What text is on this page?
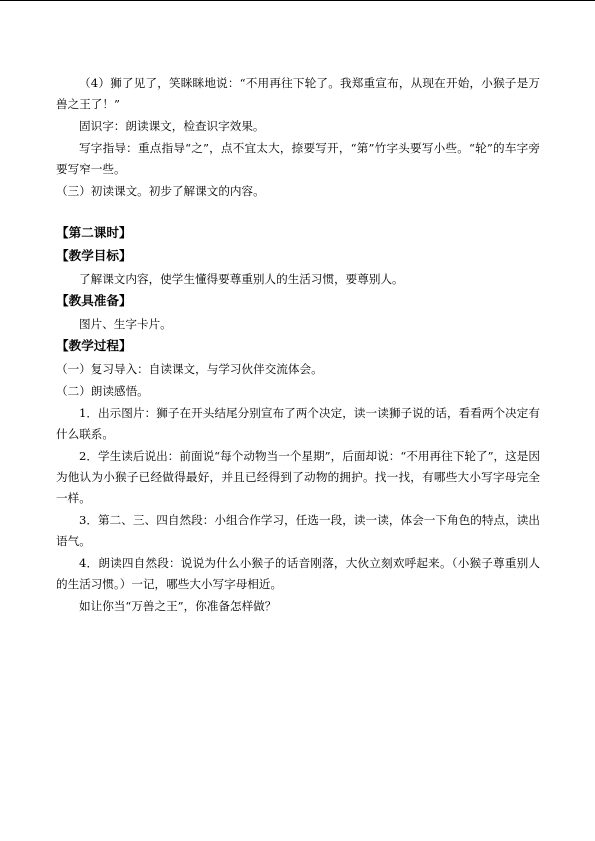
（4）狮了见了，笑眯眯地说：“不用再往下轮了。我郑重宣布，从现在开始，小猴子是万兽之王了！”

固识字：朗读课文，检查识字效果。

写字指导：重点指导“之”，点不宜太大，捺要写开，“第”竹字头要写小些。“轮”的车字旁要写窄一些。

（三）初读课文。初步了解课文的内容。

【第二课时】
【教学目标】

了解课文内容，使学生懂得要尊重别人的生活习惯，要尊别人。

【教具准备】

图片、生字卡片。

【教学过程】

（一）复习导入：自读课文，与学习伙伴交流体会。

（二）朗读感悟。

1．出示图片：狮子在开头结尾分别宣布了两个决定，读一读狮子说的话，看看两个决定有什么联系。

2．学生读后说出：前面说“每个动物当一个星期”，后面却说：“不用再往下轮了”，这是因为他认为小猴子已经做得最好，并且已经得到了动物的拥护。找一找，有哪些大小写字母完全一样。

3．第二、三、四自然段：小组合作学习，任选一段，读一读，体会一下角色的特点，读出语气。

4．朗读四自然段：说说为什么小猴子的话音刚落，大伙立刻欢呼起来。（小猴子尊重别人的生活习惯。）一记，哪些大小写字母相近。

如让你当“万兽之王”，你准备怎样做？
